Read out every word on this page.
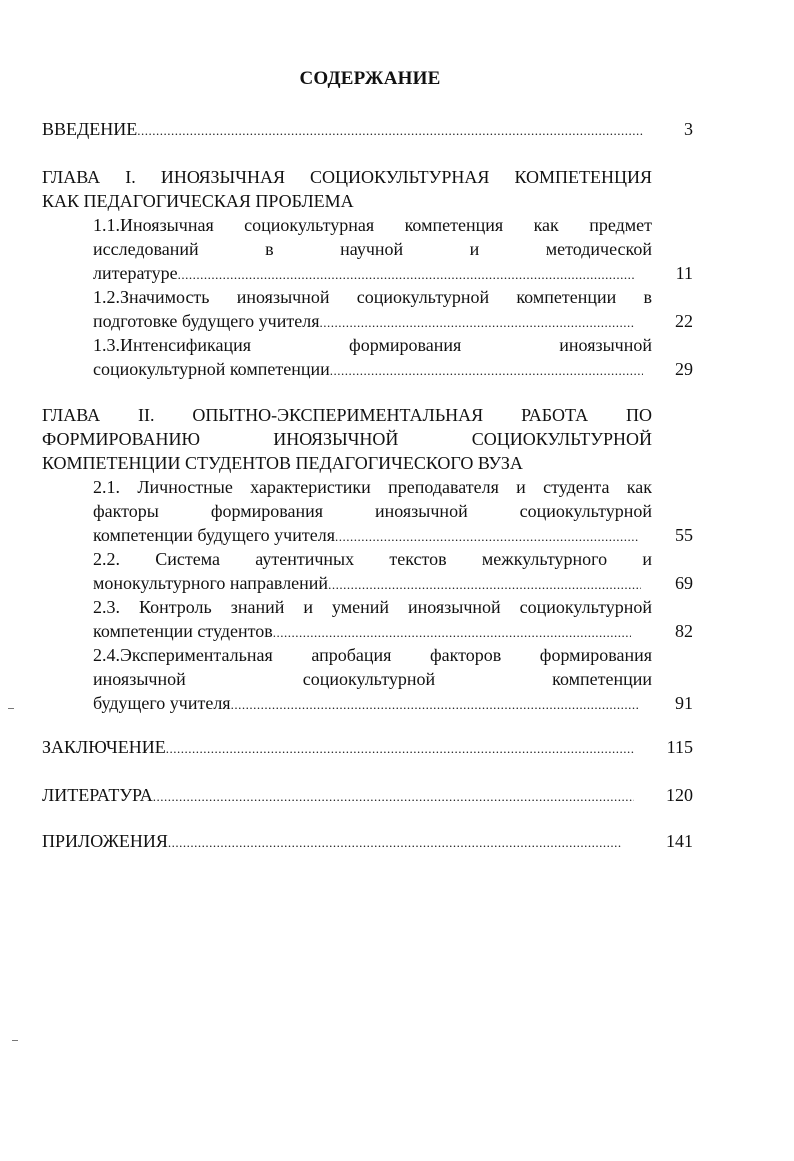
СОДЕРЖАНИЕ
ВВЕДЕНИЕ .....	3
ГЛАВА I. ИНОЯЗЫЧНАЯ СОЦИОКУЛЬТУРНАЯ КОМПЕТЕНЦИЯ
КАК ПЕДАГОГИЧЕСКАЯ ПРОБЛЕМА
1.1.Иноязычная социокультурная компетенция как предмет
исследований в научной и методической
литературе .....	11
1.2.Значимость иноязычной социокультурной компетенции в
подготовке будущего учителя .....	22
1.3.Интенсификация формирования иноязычной
социокультурной компетенции .....	29
ГЛАВА II. ОПЫТНО-ЭКСПЕРИМЕНТАЛЬНАЯ РАБОТА ПО
ФОРМИРОВАНИЮ ИНОЯЗЫЧНОЙ СОЦИОКУЛЬТУРНОЙ
КОМПЕТЕНЦИИ СТУДЕНТОВ ПЕДАГОГИЧЕСКОГО ВУЗА
2.1. Личностные характеристики преподавателя и студента как
факторы формирования иноязычной социокультурной
компетенции будущего учителя .....	55
2.2. Система аутентичных текстов межкультурного и
монокультурного направлений .....	69
2.3. Контроль знаний и умений иноязычной социокультурной
компетенции студентов .....	82
2.4.Экспериментальная апробация факторов формирования
иноязычной социокультурной компетенции
будущего учителя .....	91
ЗАКЛЮЧЕНИЕ .....	115
ЛИТЕРАТУРА .....	120
ПРИЛОЖЕНИЯ .....	141
